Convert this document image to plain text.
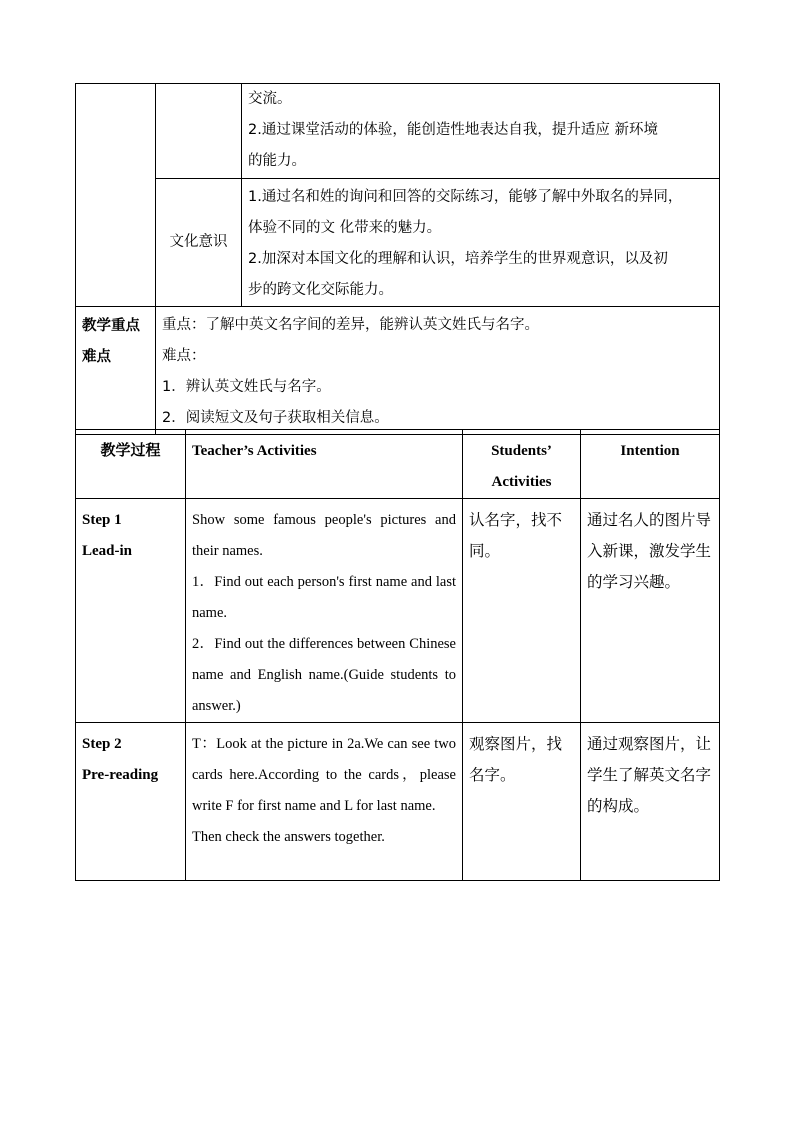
		交流。
2.通过课堂活动的体验，能创造性地表达自我，提升适应 新环境
的能力。

	文化意识	1.通过名和姓的询问和回答的交际练习，能够了解中外取名的异同，
体验不同的文 化带来的魅力。
2.加深对本国文化的理解和认识，培养学生的世界观意识，以及初
步的跨文化交际能力。

教学重点
难点	重点：了解中英文名字间的差异，能辨认英文姓氏与名字。
难点：
1．辨认英文姓氏与名字。
2．阅读短文及句子获取相关信息。	
教学过程	Teacher’s Activities	Students’
Activities	Intention

Step 1
Lead-in	Show some famous people's pictures and their names.
1．Find out each person's first name and last name.
2．Find out the differences between Chinese name and English name.(Guide students to answer.)	认名字，找不同。	通过名人的图片导入新课，激发学生的学习兴趣。

Step 2
Pre-reading	T：Look at the picture in 2a.We can see two cards here.According to the cards，please write F for first name and L for last name.
Then check the answers together.	观察图片，找名字。	通过观察图片，让学生了解英文名字的构成。
